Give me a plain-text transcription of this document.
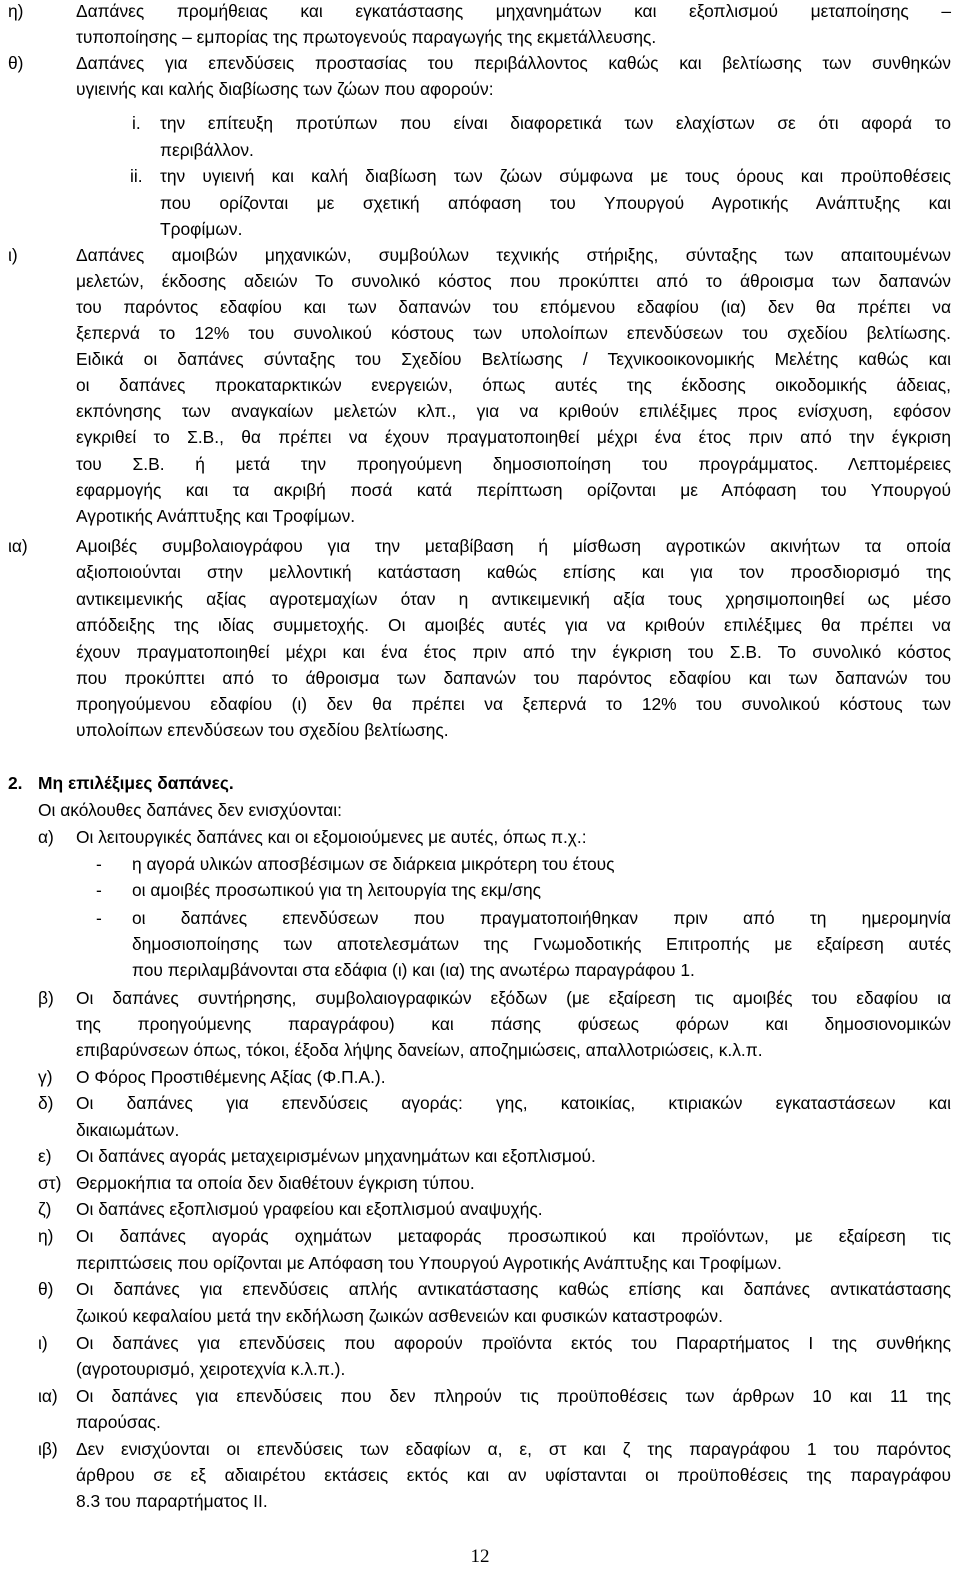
η)	Δαπάνες προμήθειας και εγκατάστασης μηχανημάτων και εξοπλισμού μεταποίησης –
τυποποίησης – εμπορίας της πρωτογενούς παραγωγής της εκμετάλλευσης.
θ)	Δαπάνες για επενδύσεις προστασίας του περιβάλλοντος καθώς και βελτίωσης των συνθηκών
υγιεινής και καλής διαβίωσης των ζώων που αφορούν:
i. την επίτευξη προτύπων που είναι διαφορετικά των ελαχίστων σε ότι αφορά το
περιβάλλον.
ii. την υγιεινή και καλή διαβίωση των ζώων σύμφωνα με τους όρους και προϋποθέσεις
που ορίζονται με σχετική απόφαση του Υπουργού Αγροτικής Ανάπτυξης και
Τροφίμων.
ι)	Δαπάνες αμοιβών μηχανικών, συμβούλων τεχνικής στήριξης, σύνταξης των απαιτουμένων
μελετών, έκδοσης αδειών Το συνολικό κόστος που προκύπτει από το άθροισμα των δαπανών
του παρόντος εδαφίου και των δαπανών του επόμενου εδαφίου (ια) δεν θα πρέπει να
ξεπερνά το 12% του συνολικού κόστους των υπολοίπων επενδύσεων του σχεδίου βελτίωσης.
Ειδικά οι δαπάνες σύνταξης του Σχεδίου Βελτίωσης / Τεχνικοοικονομικής Μελέτης καθώς και
οι δαπάνες προκαταρκτικών ενεργειών, όπως αυτές της έκδοσης οικοδομικής άδειας,
εκπόνησης των αναγκαίων μελετών κλπ., για να κριθούν επιλέξιμες προς ενίσχυση, εφόσον
εγκριθεί το Σ.Β., θα πρέπει να έχουν πραγματοποιηθεί μέχρι ένα έτος πριν από την έγκριση
του Σ.Β. ή μετά την προηγούμενη δημοσιοποίηση του προγράμματος. Λεπτομέρειες
εφαρμογής και τα ακριβή ποσά κατά περίπτωση ορίζονται με Απόφαση του Υπουργού
Αγροτικής Ανάπτυξης και Τροφίμων.
ια)	Αμοιβές συμβολαιογράφου για την μεταβίβαση ή μίσθωση αγροτικών ακινήτων τα οποία
αξιοποιούνται στην μελλοντική κατάσταση καθώς επίσης και για τον προσδιορισμό της
αντικειμενικής αξίας αγροτεμαχίων όταν η αντικειμενική αξία τους χρησιμοποιηθεί ως μέσο
απόδειξης της ιδίας συμμετοχής. Οι αμοιβές αυτές για να κριθούν επιλέξιμες θα πρέπει να
έχουν πραγματοποιηθεί μέχρι και ένα έτος πριν από την έγκριση του Σ.Β. Το συνολικό κόστος
που προκύπτει από το άθροισμα των δαπανών του παρόντος εδαφίου και των δαπανών του
προηγούμενου εδαφίου (ι) δεν θα πρέπει να ξεπερνά το 12% του συνολικού κόστους των
υπολοίπων επενδύσεων του σχεδίου βελτίωσης.
2. Μη επιλέξιμες δαπάνες.
Οι ακόλουθες δαπάνες δεν ενισχύονται:
α) Οι λειτουργικές δαπάνες και οι εξομοιούμενες με αυτές, όπως π.χ.:
- η αγορά υλικών αποσβέσιμων σε διάρκεια μικρότερη του έτους
- οι αμοιβές προσωπικού για τη λειτουργία της εκμ/σης
- οι δαπάνες επενδύσεων που πραγματοποιήθηκαν πριν από τη ημερομηνία
δημοσιοποίησης των αποτελεσμάτων της Γνωμοδοτικής Επιτροπής με εξαίρεση αυτές
που περιλαμβάνονται στα εδάφια (ι) και (ια) της ανωτέρω παραγράφου 1.
β) Οι δαπάνες συντήρησης, συμβολαιογραφικών εξόδων (με εξαίρεση τις αμοιβές του εδαφίου ια
της προηγούμενης παραγράφου) και πάσης φύσεως φόρων και δημοσιονομικών
επιβαρύνσεων όπως, τόκοι, έξοδα λήψης δανείων, αποζημιώσεις, απαλλοτριώσεις, κ.λ.π.
γ) Ο Φόρος Προστιθέμενης Αξίας (Φ.Π.Α.).
δ) Οι δαπάνες για επενδύσεις αγοράς: γης, κατοικίας, κτιριακών εγκαταστάσεων και
δικαιωμάτων.
ε) Οι δαπάνες αγοράς μεταχειρισμένων μηχανημάτων και εξοπλισμού.
στ) Θερμοκήπια τα οποία δεν διαθέτουν έγκριση τύπου.
ζ) Οι δαπάνες εξοπλισμού γραφείου και εξοπλισμού αναψυχής.
η) Οι δαπάνες αγοράς οχημάτων μεταφοράς προσωπικού και προϊόντων, με εξαίρεση τις
περιπτώσεις που ορίζονται με Απόφαση του Υπουργού Αγροτικής Ανάπτυξης και Τροφίμων.
θ) Οι δαπάνες για επενδύσεις απλής αντικατάστασης καθώς επίσης και δαπάνες αντικατάστασης
ζωικού κεφαλαίου μετά την εκδήλωση ζωικών ασθενειών και φυσικών καταστροφών.
ι) Οι δαπάνες για επενδύσεις που αφορούν προϊόντα εκτός του Παραρτήματος Ι της συνθήκης
(αγροτουρισμό, χειροτεχνία κ.λ.π.).
ια) Οι δαπάνες για επενδύσεις που δεν πληρούν τις προϋποθέσεις των άρθρων 10 και 11 της
παρούσας.
ιβ) Δεν ενισχύονται οι επενδύσεις των εδαφίων α, ε, στ και ζ της παραγράφου 1 του παρόντος
άρθρου σε εξ αδιαιρέτου εκτάσεις εκτός και αν υφίστανται οι προϋποθέσεις της παραγράφου
8.3 του παραρτήματος ΙΙ.
12
